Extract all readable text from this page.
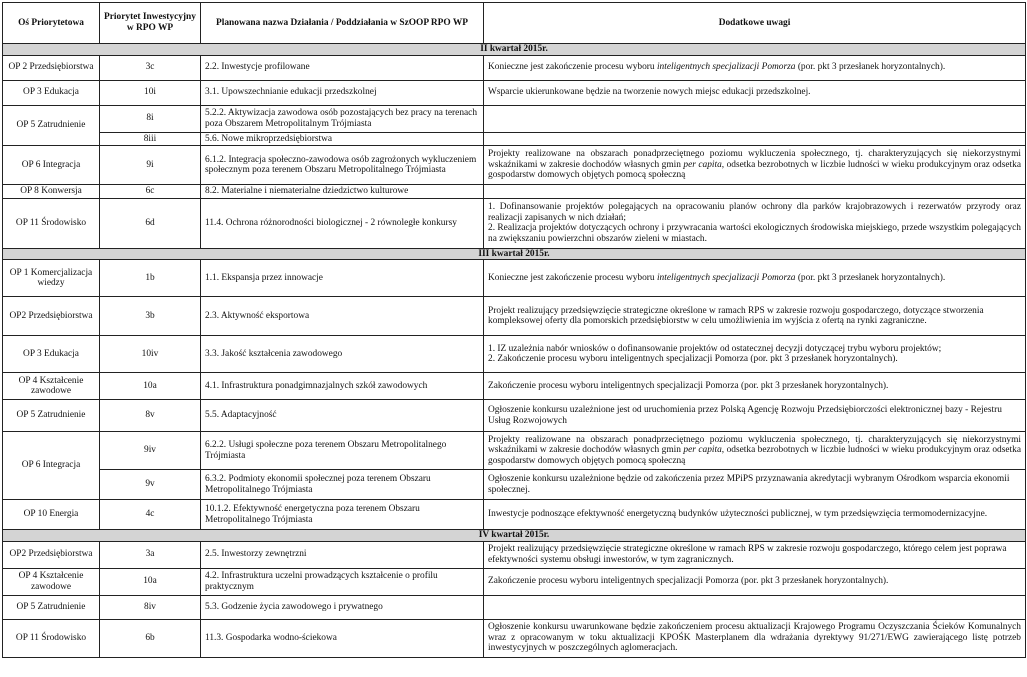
Oś Priorytetowa	Priorytet Inwestycyjny w RPO WP	Planowana nazwa Działania / Poddziałania w SzOOP RPO WP	Dodatkowe uwagi
II kwartał 2015r.			
OP 2 Przedsiębiorstwa	3c	2.2. Inwestycje profilowane	Konieczne jest zakończenie procesu wyboru inteligentnych specjalizacji Pomorza (por. pkt 3 przesłanek horyzontalnych).
OP 3 Edukacja	10i	3.1. Upowszechnianie edukacji przedszkolnej	Wsparcie ukierunkowane będzie na tworzenie nowych miejsc edukacji przedszkolnej.
OP 5 Zatrudnienie	8i	5.2.2. Aktywizacja zawodowa osób pozostających bez pracy na terenach poza Obszarem Metropolitalnym Trójmiasta	
	8iii	5.6. Nowe mikroprzedsiębiorstwa	
OP 6 Integracja	9i	6.1.2. Integracja społeczno-zawodowa osób zagrożonych wykluczeniem społecznym poza terenem Obszaru Metropolitalnego Trójmiasta	Projekty realizowane na obszarach ponadprzeciętnego poziomu wykluczenia społecznego, tj. charakteryzujących się niekorzystnymi wskaźnikami w zakresie dochodów własnych gmin per capita, odsetka bezrobotnych w liczbie ludności w wieku produkcyjnym oraz odsetka gospodarstw domowych objętych pomocą społeczną
OP 8 Konwersja	6c	8.2. Materialne i niematerialne dziedzictwo kulturowe	
OP 11 Środowisko	6d	11.4. Ochrona różnorodności biologicznej - 2 równoległe konkursy	1. Dofinansowanie projektów polegających na opracowaniu planów ochrony dla parków krajobrazowych i rezerwatów przyrody oraz realizacji zapisanych w nich działań;
2. Realizacja projektów dotyczących ochrony i przywracania wartości ekologicznych środowiska miejskiego, przede wszystkim polegających na zwiększaniu powierzchni obszarów zieleni w miastach.

III kwartał 2015r.			
OP 1 Komercjalizacja wiedzy	1b	1.1. Ekspansja przez innowacje	Konieczne jest zakończenie procesu wyboru inteligentnych specjalizacji Pomorza (por. pkt 3 przesłanek horyzontalnych).
OP2 Przedsiębiorstwa	3b	2.3. Aktywność eksportowa	Projekt realizujący przedsięwzięcie strategiczne określone w ramach RPS w zakresie rozwoju gospodarczego, dotyczące stworzenia kompleksowej oferty dla pomorskich przedsiębiorstw w celu umożliwienia im wyjścia z ofertą na rynki zagraniczne.
OP 3 Edukacja	10iv	3.3. Jakość kształcenia zawodowego	1. IZ uzależnia nabór wniosków o dofinansowanie projektów od ostatecznej decyzji dotyczącej trybu wyboru projektów;
2. Zakończenie procesu wyboru inteligentnych specjalizacji Pomorza (por. pkt 3 przesłanek horyzontalnych).

OP 4 Kształcenie zawodowe	10a	4.1. Infrastruktura ponadgimnazjalnych szkół zawodowych	Zakończenie procesu wyboru inteligentnych specjalizacji Pomorza (por. pkt 3 przesłanek horyzontalnych).
OP 5 Zatrudnienie	8v	5.5. Adaptacyjność	Ogłoszenie konkursu uzależnione jest od uruchomienia przez Polską Agencję Rozwoju Przedsiębiorczości elektronicznej bazy - Rejestru Usług Rozwojowych
OP 6 Integracja	9iv	6.2.2. Usługi społeczne poza terenem Obszaru Metropolitalnego Trójmiasta	Projekty realizowane na obszarach ponadprzeciętnego poziomu wykluczenia społecznego, tj. charakteryzujących się niekorzystnymi wskaźnikami w zakresie dochodów własnych gmin per capita, odsetka bezrobotnych w liczbie ludności w wieku produkcyjnym oraz odsetka gospodarstw domowych objętych pomocą społeczną
	9v	6.3.2. Podmioty ekonomii społecznej poza terenem Obszaru Metropolitalnego Trójmiasta	Ogłoszenie konkursu uzależnione będzie od zakończenia przez MPiPS przyznawania akredytacji wybranym Ośrodkom wsparcia ekonomii społecznej.
OP 10 Energia	4c	10.1.2. Efektywność energetyczna poza terenem Obszaru Metropolitalnego Trójmiasta	Inwestycje podnoszące efektywność energetyczną budynków użyteczności publicznej, w tym przedsięwzięcia termomodernizacyjne.
IV kwartał 2015r.			
OP2 Przedsiębiorstwa	3a	2.5. Inwestorzy zewnętrzni	Projekt realizujący przedsięwzięcie strategiczne określone w ramach RPS w zakresie rozwoju gospodarczego, którego celem jest poprawa efektywności systemu obsługi inwestorów, w tym zagranicznych.
OP 4 Kształcenie zawodowe	10a	4.2. Infrastruktura uczelni prowadzących kształcenie o profilu praktycznym	Zakończenie procesu wyboru inteligentnych specjalizacji Pomorza (por. pkt 3 przesłanek horyzontalnych).
OP 5 Zatrudnienie	8iv	5.3. Godzenie życia zawodowego i prywatnego	
OP 11 Środowisko	6b	11.3. Gospodarka wodno-ściekowa	Ogłoszenie konkursu uwarunkowane będzie zakończeniem procesu aktualizacji Krajowego Programu Oczyszczania Ścieków Komunalnych wraz z opracowanym w toku aktualizacji KPOŚK Masterplanem dla wdrażania dyrektywy 91/271/EWG zawierającego listę potrzeb inwestycyjnych w poszczególnych aglomeracjach.
